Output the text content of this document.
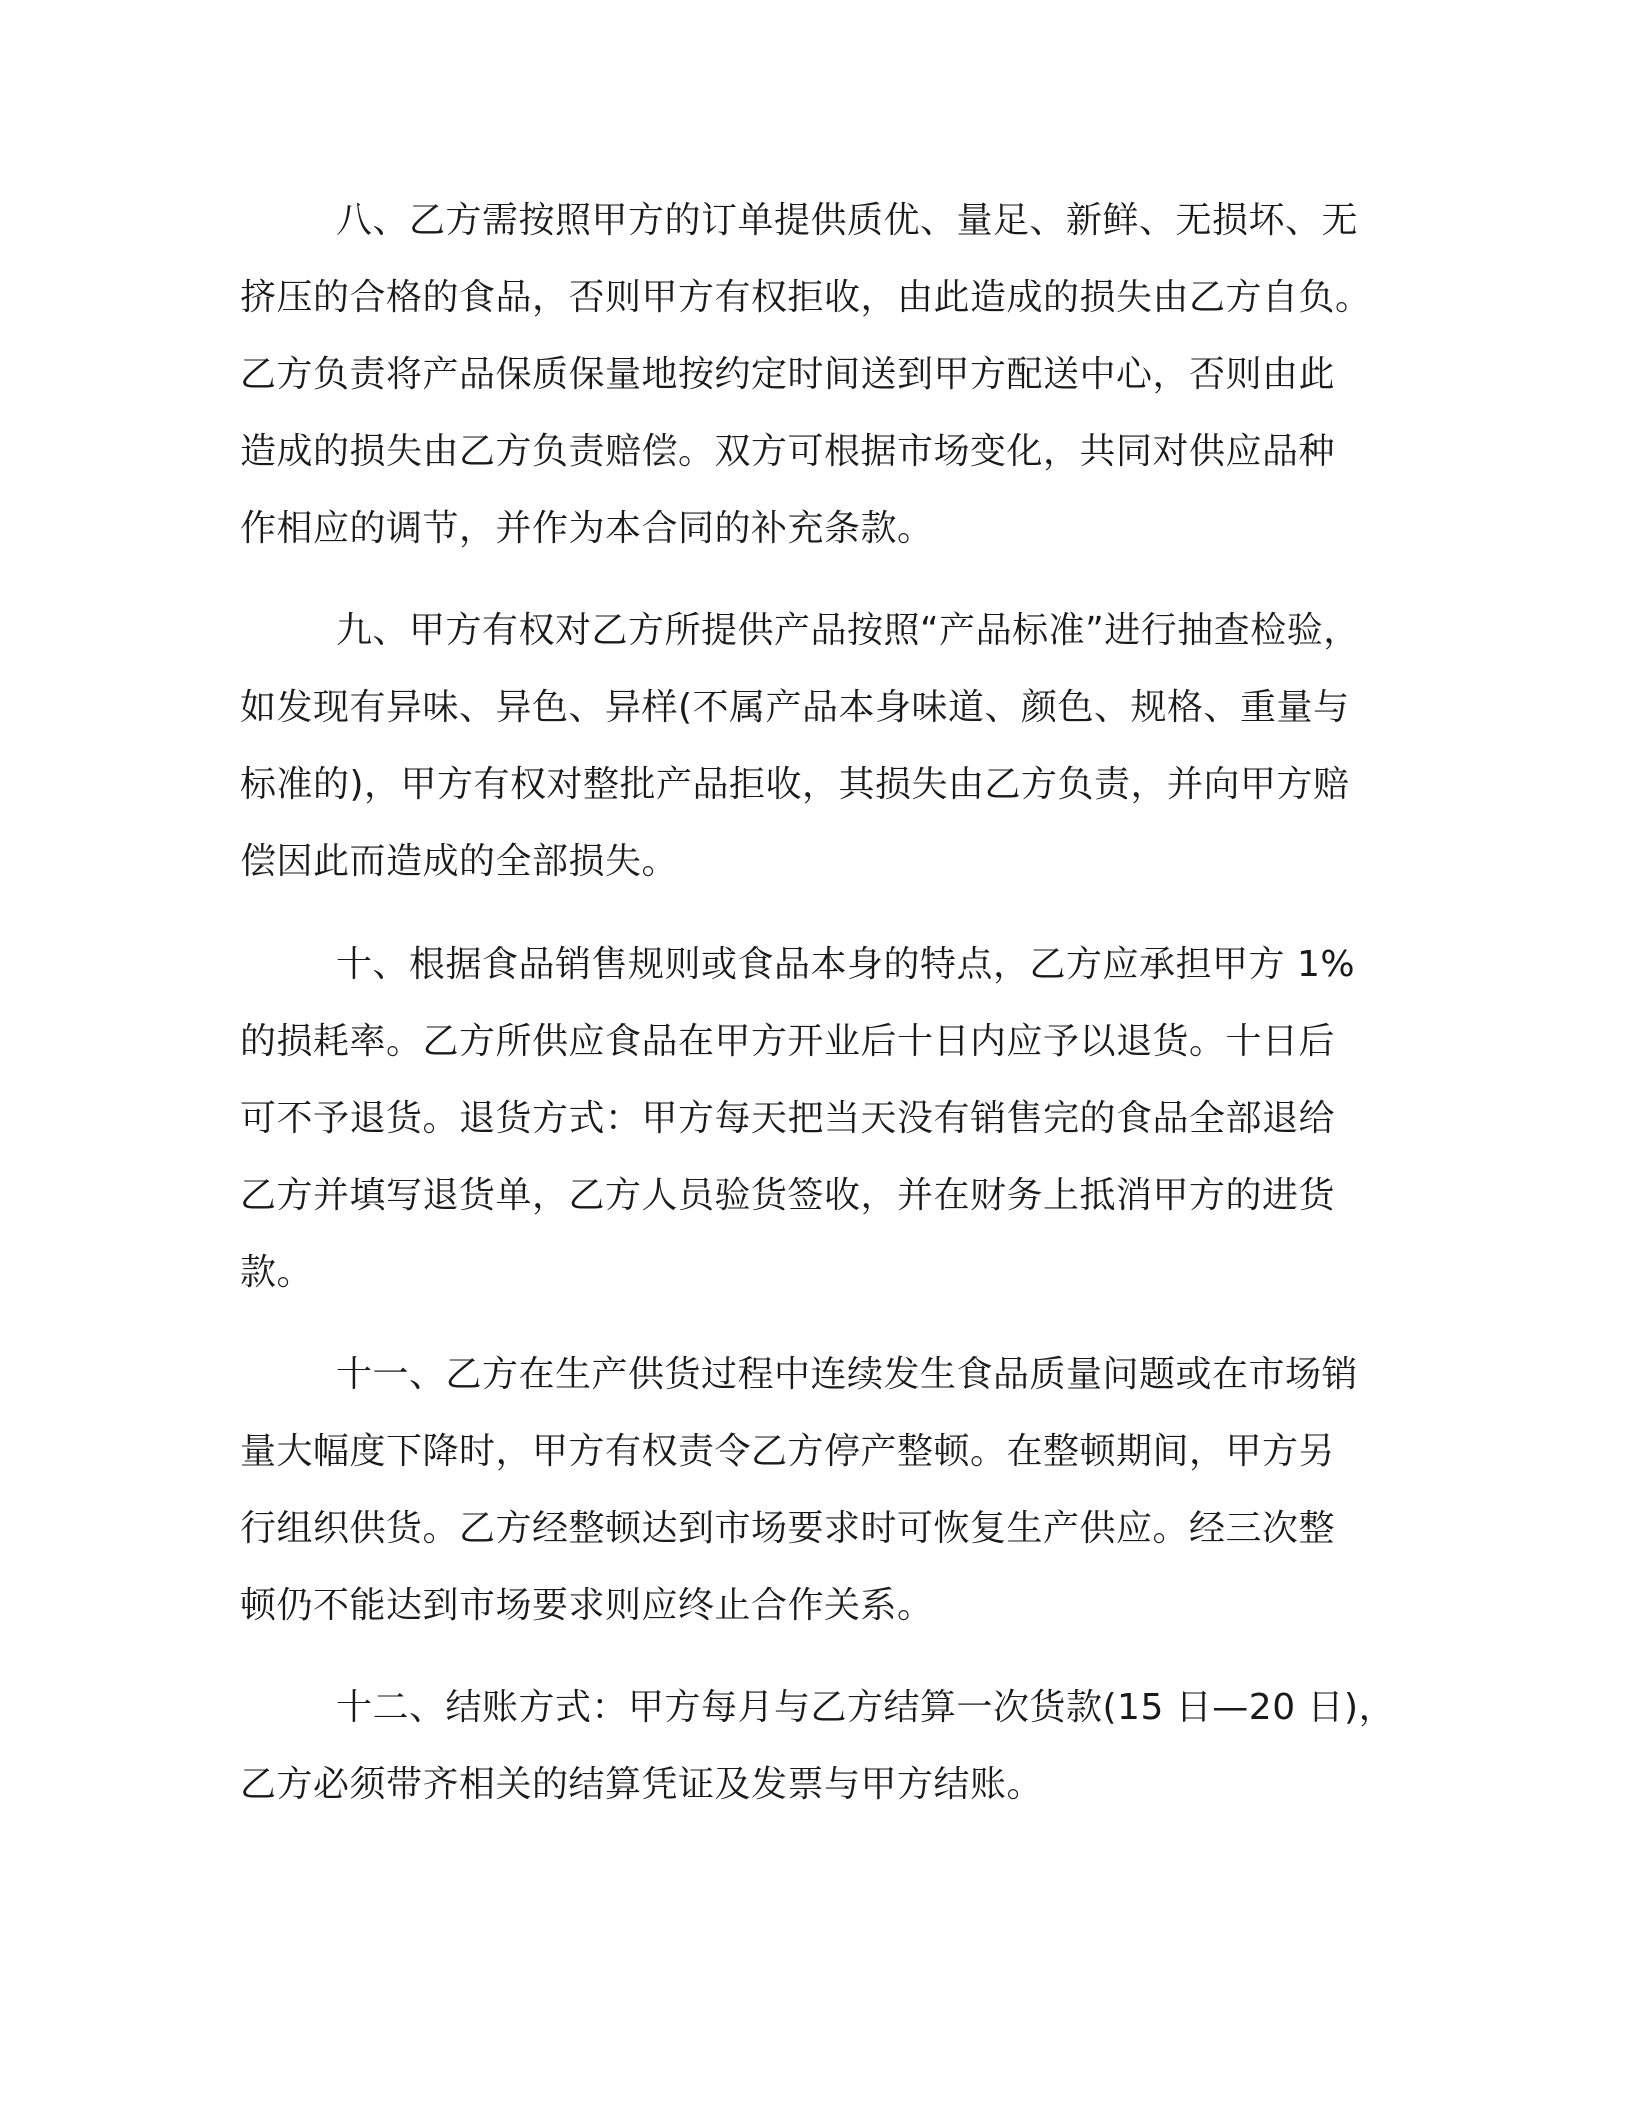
八、乙方需按照甲方的订单提供质优、量足、新鲜、无损坏、无
挤压的合格的食品，否则甲方有权拒收，由此造成的损失由乙方自负。
乙方负责将产品保质保量地按约定时间送到甲方配送中心，否则由此
造成的损失由乙方负责赔偿。双方可根据市场变化，共同对供应品种
作相应的调节，并作为本合同的补充条款。

九、甲方有权对乙方所提供产品按照“产品标准”进行抽查检验，
如发现有异味、异色、异样(不属产品本身味道、颜色、规格、重量与
标准的)，甲方有权对整批产品拒收，其损失由乙方负责，并向甲方赔
偿因此而造成的全部损失。

十、根据食品销售规则或食品本身的特点，乙方应承担甲方 1%
的损耗率。乙方所供应食品在甲方开业后十日内应予以退货。十日后
可不予退货。退货方式：甲方每天把当天没有销售完的食品全部退给
乙方并填写退货单，乙方人员验货签收，并在财务上抵消甲方的进货
款。

十一、乙方在生产供货过程中连续发生食品质量问题或在市场销
量大幅度下降时，甲方有权责令乙方停产整顿。在整顿期间，甲方另
行组织供货。乙方经整顿达到市场要求时可恢复生产供应。经三次整
顿仍不能达到市场要求则应终止合作关系。

十二、结账方式：甲方每月与乙方结算一次货款(15 日—20 日)，
乙方必须带齐相关的结算凭证及发票与甲方结账。
